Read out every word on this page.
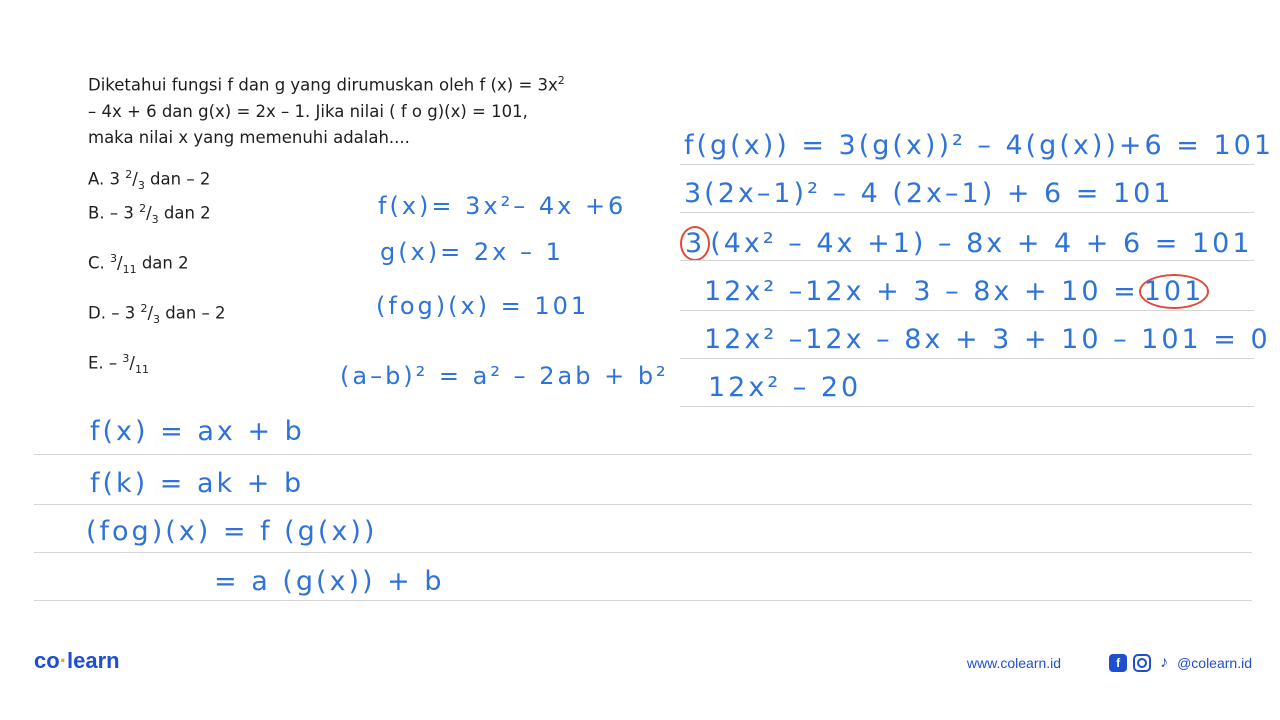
Diketahui fungsi f dan g yang dirumuskan oleh f $(x) = 3x^2$
– 4x + 6 dan g(x) = 2x – 1. Jika nilai ( f o g)(x) = 101,
maka nilai x yang memenuhi adalah....
A. 3 $^2/_3$ dan – 2
B. – 3 $^2/_3$ dan 2
C. $^3/_{11}$ dan 2
D. – 3 $^2/_3$ dan – 2
E. – $^3/_{11}$
f(x)= 3x²– 4x +6
g(x)= 2x – 1
(fog)(x) = 101
(a–b)² = a² – 2ab + b²
f(g(x)) = 3(g(x))² – 4(g(x))+6 = 101
3(2x–1)² – 4 (2x–1) + 6 = 101
3 (4x² – 4x +1) – 8x + 4 + 6 = 101
12x² –12x + 3 – 8x + 10 = 101
12x² –12x – 8x + 3 + 10 – 101 = 0
12x² – 20
f(x) = ax + b
f(k) = ak + b
(fog)(x) = f (g(x))
= a (g(x)) + b
co·learn	www.colearn.id	f	♪ @colearn.id
